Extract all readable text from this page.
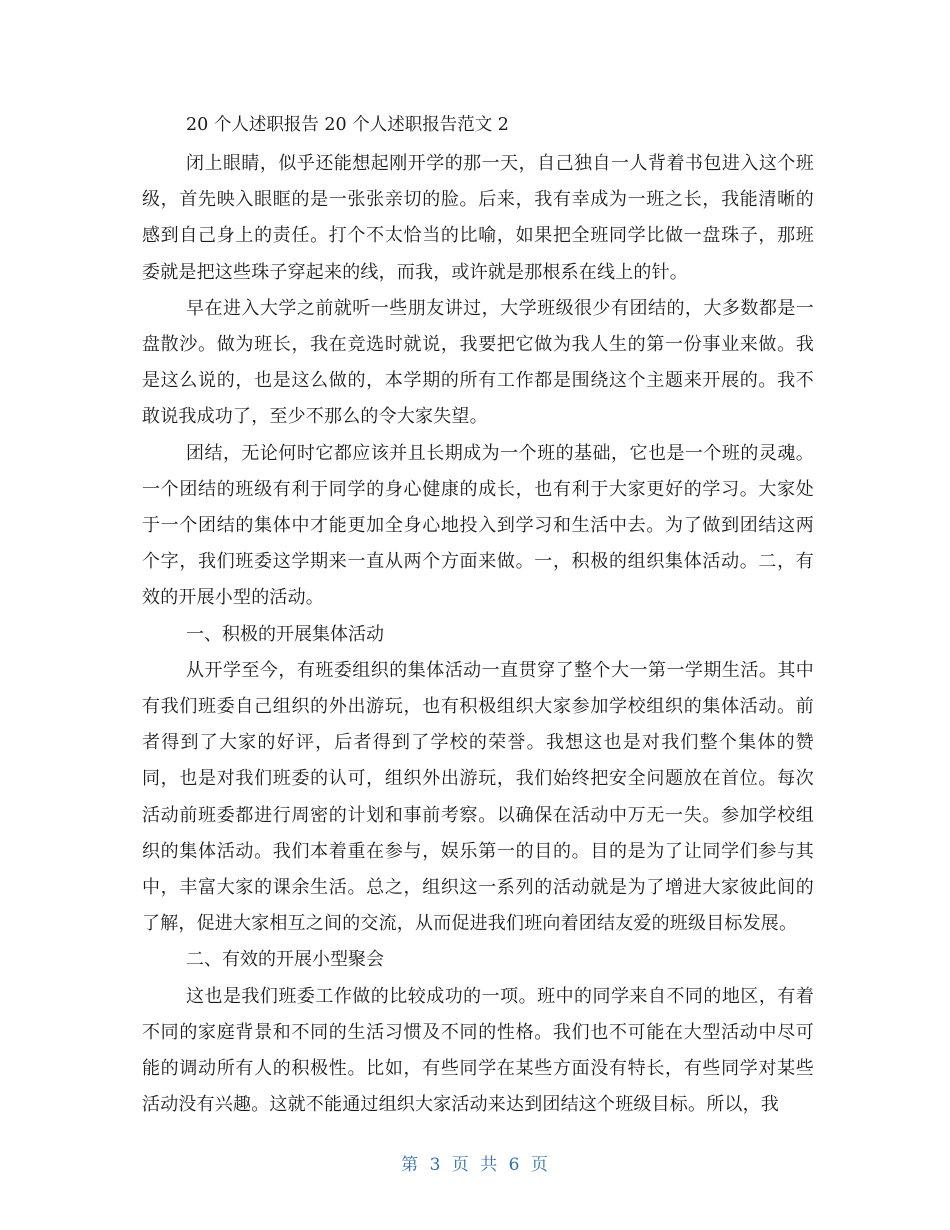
20 个人述职报告 20 个人述职报告范文 2

闭上眼睛，似乎还能想起刚开学的那一天，自己独自一人背着书包进入这个班级，首先映入眼眶的是一张张亲切的脸。后来，我有幸成为一班之长，我能清晰的感到自己身上的责任。打个不太恰当的比喻，如果把全班同学比做一盘珠子，那班委就是把这些珠子穿起来的线，而我，或许就是那根系在线上的针。

早在进入大学之前就听一些朋友讲过，大学班级很少有团结的，大多数都是一盘散沙。做为班长，我在竞选时就说，我要把它做为我人生的第一份事业来做。我是这么说的，也是这么做的，本学期的所有工作都是围绕这个主题来开展的。我不敢说我成功了，至少不那么的令大家失望。

团结，无论何时它都应该并且长期成为一个班的基础，它也是一个班的灵魂。一个团结的班级有利于同学的身心健康的成长，也有利于大家更好的学习。大家处于一个团结的集体中才能更加全身心地投入到学习和生活中去。为了做到团结这两个字，我们班委这学期来一直从两个方面来做。一，积极的组织集体活动。二，有效的开展小型的活动。

一、积极的开展集体活动

从开学至今，有班委组织的集体活动一直贯穿了整个大一第一学期生活。其中有我们班委自己组织的外出游玩，也有积极组织大家参加学校组织的集体活动。前者得到了大家的好评，后者得到了学校的荣誉。我想这也是对我们整个集体的赞同，也是对我们班委的认可，组织外出游玩，我们始终把安全问题放在首位。每次活动前班委都进行周密的计划和事前考察。以确保在活动中万无一失。参加学校组织的集体活动。我们本着重在参与，娱乐第一的目的。目的是为了让同学们参与其中，丰富大家的课余生活。总之，组织这一系列的活动就是为了增进大家彼此间的了解，促进大家相互之间的交流，从而促进我们班向着团结友爱的班级目标发展。

二、有效的开展小型聚会

这也是我们班委工作做的比较成功的一项。班中的同学来自不同的地区，有着不同的家庭背景和不同的生活习惯及不同的性格。我们也不可能在大型活动中尽可能的调动所有人的积极性。比如，有些同学在某些方面没有特长，有些同学对某些活动没有兴趣。这就不能通过组织大家活动来达到团结这个班级目标。所以，我

第 3 页 共 6 页
